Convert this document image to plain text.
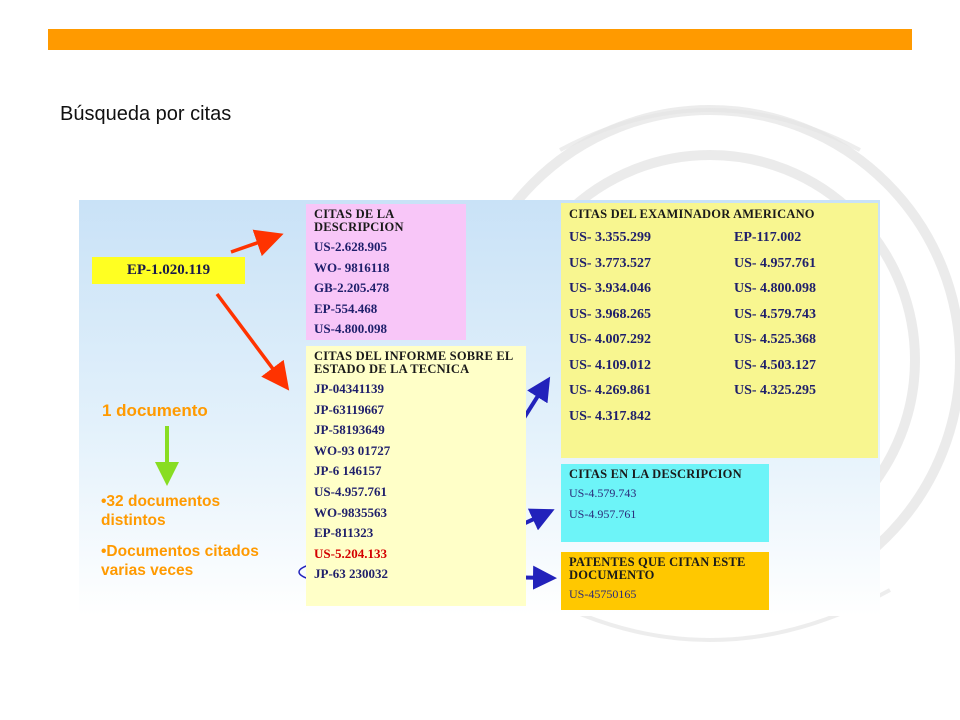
Búsqueda por citas
EP-1.020.119
1 documento
•32 documentos distintos
•Documentos citados varias veces
CITAS DE LA DESCRIPCION
US-2.628.905
WO- 9816118
GB-2.205.478
EP-554.468
US-4.800.098
CITAS DEL INFORME SOBRE EL ESTADO DE LA TECNICA
JP-04341139
JP-63119667
JP-58193649
WO-93 01727
JP-6 146157
US-4.957.761
WO-9835563
EP-811323
US-5.204.133
JP-63 230032
CITAS DEL EXAMINADOR AMERICANO
US- 3.355.299	EP-117.002
US- 3.773.527	US- 4.957.761
US- 3.934.046	US- 4.800.098
US- 3.968.265	US- 4.579.743
US- 4.007.292	US- 4.525.368
US- 4.109.012	US- 4.503.127
US- 4.269.861	US- 4.325.295
US- 4.317.842
CITAS EN LA DESCRIPCION
US-4.579.743
US-4.957.761
PATENTES QUE CITAN ESTE DOCUMENTO
US-45750165
